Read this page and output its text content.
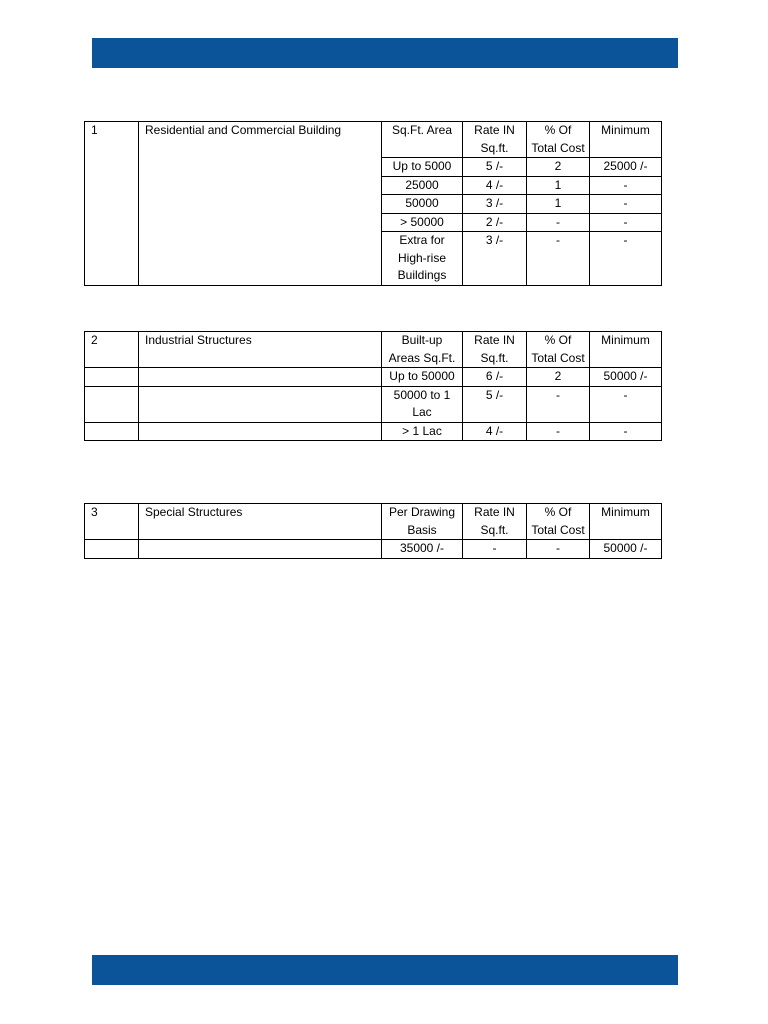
1	Residential and Commercial Building	Sq.Ft. Area	Rate IN Sq.ft.	% Of Total Cost	Minimum
		Up to 5000	5 /-	2	25000 /-
		25000	4 /-	1	-
		50000	3 /-	1	-
		> 50000	2 /-	-	-
		Extra for High-rise Buildings	3 /-	-	-
2	Industrial Structures	Built-up Areas Sq.Ft.	Rate IN Sq.ft.	% Of Total Cost	Minimum
		Up to 50000	6 /-	2	50000 /-
		50000 to 1 Lac	5 /-	-	-
		> 1 Lac	4 /-	-	-
3	Special Structures	Per Drawing Basis	Rate IN Sq.ft.	% Of Total Cost	Minimum
		35000 /-	-	-	50000 /-
